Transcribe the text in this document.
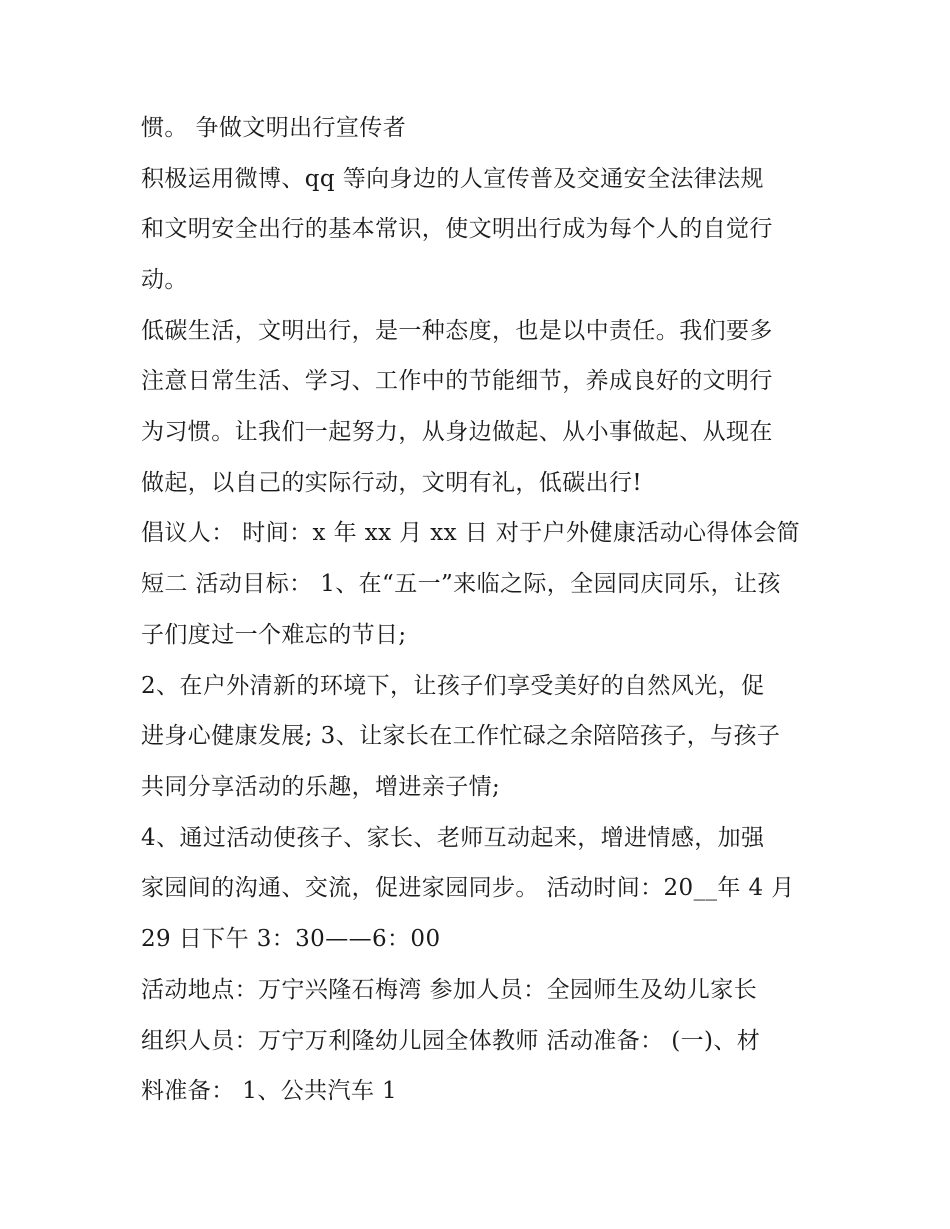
惯。 争做文明出行宣传者
积极运用微博、qq 等向身边的人宣传普及交通安全法律法规
和文明安全出行的基本常识，使文明出行成为每个人的自觉行
动。
低碳生活，文明出行，是一种态度，也是以中责任。我们要多
注意日常生活、学习、工作中的节能细节，养成良好的文明行
为习惯。让我们一起努力，从身边做起、从小事做起、从现在
做起，以自己的实际行动，文明有礼，低碳出行!
倡议人： 时间：x 年 xx 月 xx 日 对于户外健康活动心得体会简
短二 活动目标： 1、在“五一”来临之际，全园同庆同乐，让孩
子们度过一个难忘的节日;
2、在户外清新的环境下，让孩子们享受美好的自然风光，促
进身心健康发展; 3、让家长在工作忙碌之余陪陪孩子，与孩子
共同分享活动的乐趣，增进亲子情;
4、通过活动使孩子、家长、老师互动起来，增进情感，加强
家园间的沟通、交流，促进家园同步。 活动时间：20__年 4 月
29 日下午 3：30——6：00
活动地点：万宁兴隆石梅湾 参加人员：全园师生及幼儿家长
组织人员：万宁万利隆幼儿园全体教师 活动准备： (一)、材
料准备： 1、公共汽车 1
